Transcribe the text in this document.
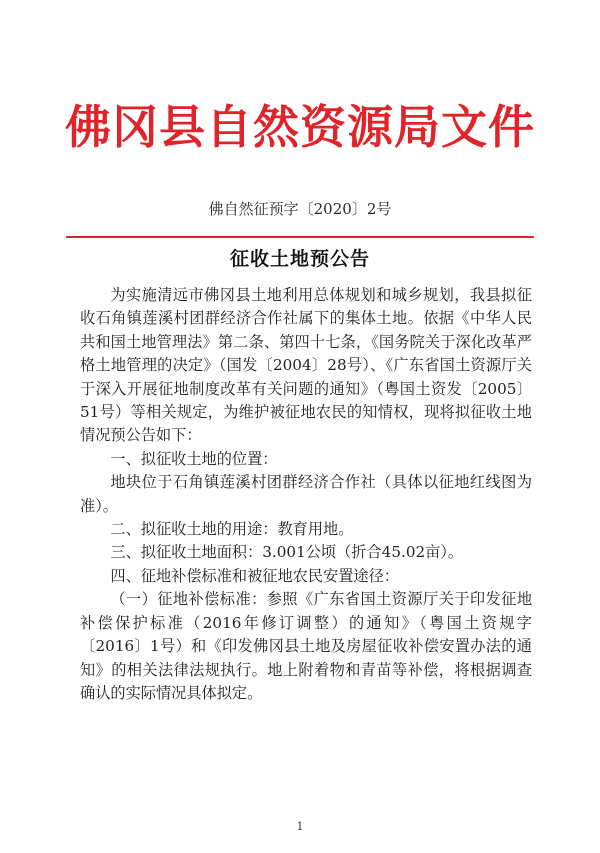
佛冈县自然资源局文件
佛自然征预字〔2020〕2号
征收土地预公告

为实施清远市佛冈县土地利用总体规划和城乡规划，我县拟征收石角镇莲溪村团群经济合作社属下的集体土地。依据《中华人民共和国土地管理法》第二条、第四十七条，《国务院关于深化改革严格土地管理的决定》（国发〔2004〕28号）、《广东省国土资源厅关于深入开展征地制度改革有关问题的通知》（粤国土资发〔2005〕51号）等相关规定，为维护被征地农民的知情权，现将拟征收土地情况预公告如下：

一、拟征收土地的位置：

地块位于石角镇莲溪村团群经济合作社（具体以征地红线图为准）。

二、拟征收土地的用途：教育用地。

三、拟征收土地面积：3.001公顷（折合45.02亩）。

四、征地补偿标准和被征地农民安置途径：

（一）征地补偿标准：参照《广东省国土资源厅关于印发征地补偿保护标准（2016年修订调整）的通知》（粤国土资规字〔2016〕1号）和《印发佛冈县土地及房屋征收补偿安置办法的通知》的相关法律法规执行。地上附着物和青苗等补偿，将根据调查确认的实际情况具体拟定。

1
